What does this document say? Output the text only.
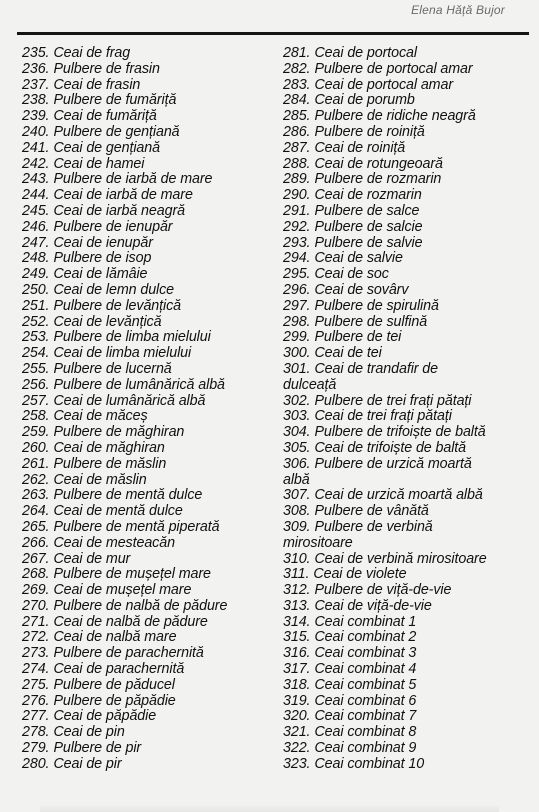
Elena Hăță Bujor
235. Ceai de frag
236. Pulbere de frasin
237. Ceai de frasin
238. Pulbere de fumăriță
239. Ceai de fumăriță
240. Pulbere de gențiană
241. Ceai de gențiană
242. Ceai de hamei
243. Pulbere de iarbă de mare
244. Ceai de iarbă de mare
245. Ceai de iarbă neagră
246. Pulbere de ienupăr
247. Ceai de ienupăr
248. Pulbere de isop
249. Ceai de lămâie
250. Ceai de lemn dulce
251. Pulbere de levănțică
252. Ceai de levănțică
253. Pulbere de limba mielului
254. Ceai de limba mielului
255. Pulbere de lucernă
256. Pulbere de lumânărică albă
257. Ceai de lumânărică albă
258. Ceai de măceș
259. Pulbere de măghiran
260. Ceai de măghiran
261. Pulbere de măslin
262. Ceai de măslin
263. Pulbere de mentă dulce
264. Ceai de mentă dulce
265. Pulbere de mentă piperată
266. Ceai de mesteacăn
267. Ceai de mur
268. Pulbere de mușețel mare
269. Ceai de mușețel mare
270. Pulbere de nalbă de pădure
271. Ceai de nalbă de pădure
272. Ceai de nalbă mare
273. Pulbere de parachernită
274. Ceai de parachernită
275. Pulbere de păducel
276. Pulbere de păpădie
277. Ceai de păpădie
278. Ceai de pin
279. Pulbere de pir
280. Ceai de pir
281. Ceai de portocal
282. Pulbere de portocal amar
283. Ceai de portocal amar
284. Ceai de porumb
285. Pulbere de ridiche neagră
286. Pulbere de roiniță
287. Ceai de roiniță
288. Ceai de rotungeoară
289. Pulbere de rozmarin
290. Ceai de rozmarin
291. Pulbere de salce
292. Pulbere de salcie
293. Pulbere de salvie
294. Ceai de salvie
295. Ceai de soc
296. Ceai de sovârv
297. Pulbere de spirulină
298. Pulbere de sulfină
299. Pulbere de tei
300. Ceai de tei
301. Ceai de trandafir de
dulceață
302. Pulbere de trei frați pătați
303. Ceai de trei frați pătați
304. Pulbere de trifoiște de baltă
305. Ceai de trifoiște de baltă
306. Pulbere de urzică moartă
albă
307. Ceai de urzică moartă albă
308. Pulbere de vânătă
309. Pulbere de verbină
mirositoare
310. Ceai de verbină mirositoare
311. Ceai de violete
312. Pulbere de viță-de-vie
313. Ceai de viță-de-vie
314. Ceai combinat 1
315. Ceai combinat 2
316. Ceai combinat 3
317. Ceai combinat 4
318. Ceai combinat 5
319. Ceai combinat 6
320. Ceai combinat 7
321. Ceai combinat 8
322. Ceai combinat 9
323. Ceai combinat 10
